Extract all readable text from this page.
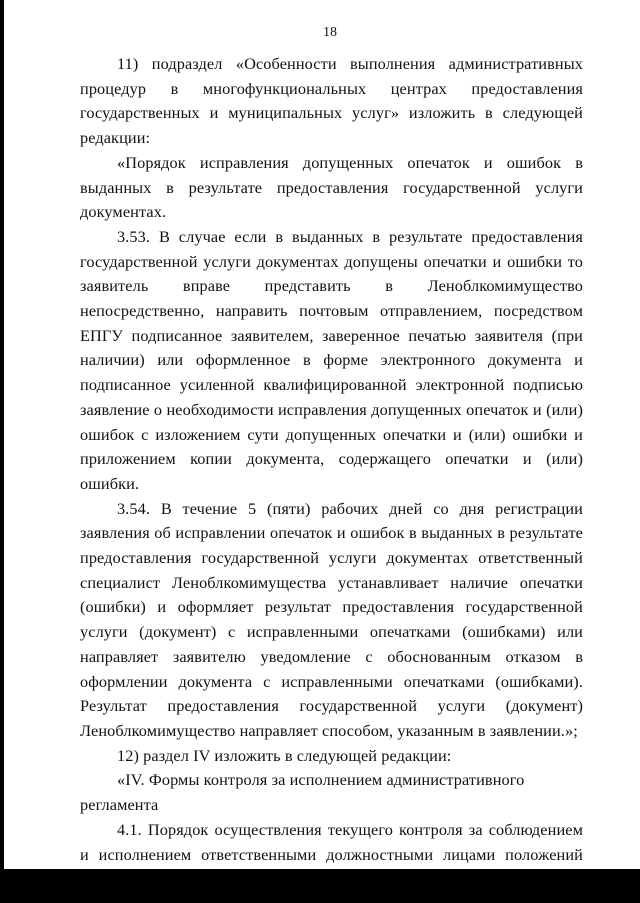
18

11) подраздел «Особенности выполнения административных процедур в многофункциональных центрах предоставления государственных и муниципальных услуг» изложить в следующей редакции:

«Порядок исправления допущенных опечаток и ошибок в выданных в результате предоставления государственной услуги документах.

3.53. В случае если в выданных в результате предоставления государственной услуги документах допущены опечатки и ошибки то заявитель вправе представить в Леноблкомимущество непосредственно, направить почтовым отправлением, посредством ЕПГУ подписанное заявителем, заверенное печатью заявителя (при наличии) или оформленное в форме электронного документа и подписанное усиленной квалифицированной электронной подписью заявление о необходимости исправления допущенных опечаток и (или) ошибок с изложением сути допущенных опечатки и (или) ошибки и приложением копии документа, содержащего опечатки и (или) ошибки.

3.54. В течение 5 (пяти) рабочих дней со дня регистрации заявления об исправлении опечаток и ошибок в выданных в результате предоставления государственной услуги документах ответственный специалист Леноблкомимущества устанавливает наличие опечатки (ошибки) и оформляет результат предоставления государственной услуги (документ) с исправленными опечатками (ошибками) или направляет заявителю уведомление с обоснованным отказом в оформлении документа с исправленными опечатками (ошибками). Результат предоставления государственной услуги (документ) Леноблкомимущество направляет способом, указанным в заявлении.»;

12) раздел IV изложить в следующей редакции:

«IV. Формы контроля за исполнением административного регламента

4.1. Порядок осуществления текущего контроля за соблюдением и исполнением ответственными должностными лицами положений
